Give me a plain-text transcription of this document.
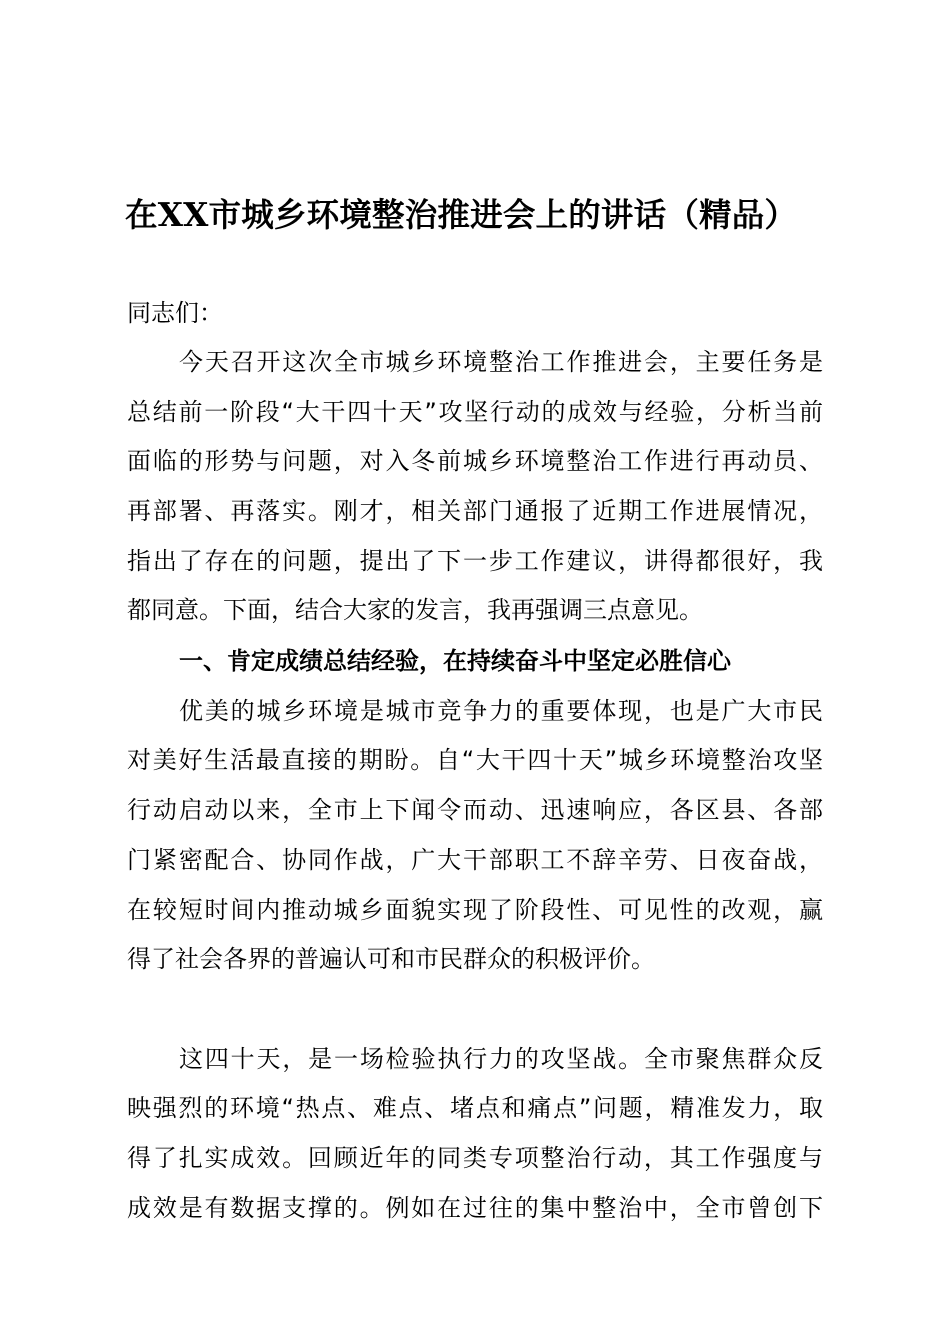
在XX市城乡环境整治推进会上的讲话（精品）
同志们：
今天召开这次全市城乡环境整治工作推进会，主要任务是
总结前一阶段“大干四十天”攻坚行动的成效与经验，分析当前
面临的形势与问题，对入冬前城乡环境整治工作进行再动员、
再部署、再落实。刚才，相关部门通报了近期工作进展情况，
指出了存在的问题，提出了下一步工作建议，讲得都很好，我
都同意。下面，结合大家的发言，我再强调三点意见。
一、肯定成绩总结经验，在持续奋斗中坚定必胜信心
优美的城乡环境是城市竞争力的重要体现，也是广大市民
对美好生活最直接的期盼。自“大干四十天”城乡环境整治攻坚
行动启动以来，全市上下闻令而动、迅速响应，各区县、各部
门紧密配合、协同作战，广大干部职工不辞辛劳、日夜奋战，
在较短时间内推动城乡面貌实现了阶段性、可见性的改观，赢
得了社会各界的普遍认可和市民群众的积极评价。
这四十天，是一场检验执行力的攻坚战。全市聚焦群众反
映强烈的环境“热点、难点、堵点和痛点”问题，精准发力，取
得了扎实成效。回顾近年的同类专项整治行动，其工作强度与
成效是有数据支撑的。例如在过往的集中整治中，全市曾创下
